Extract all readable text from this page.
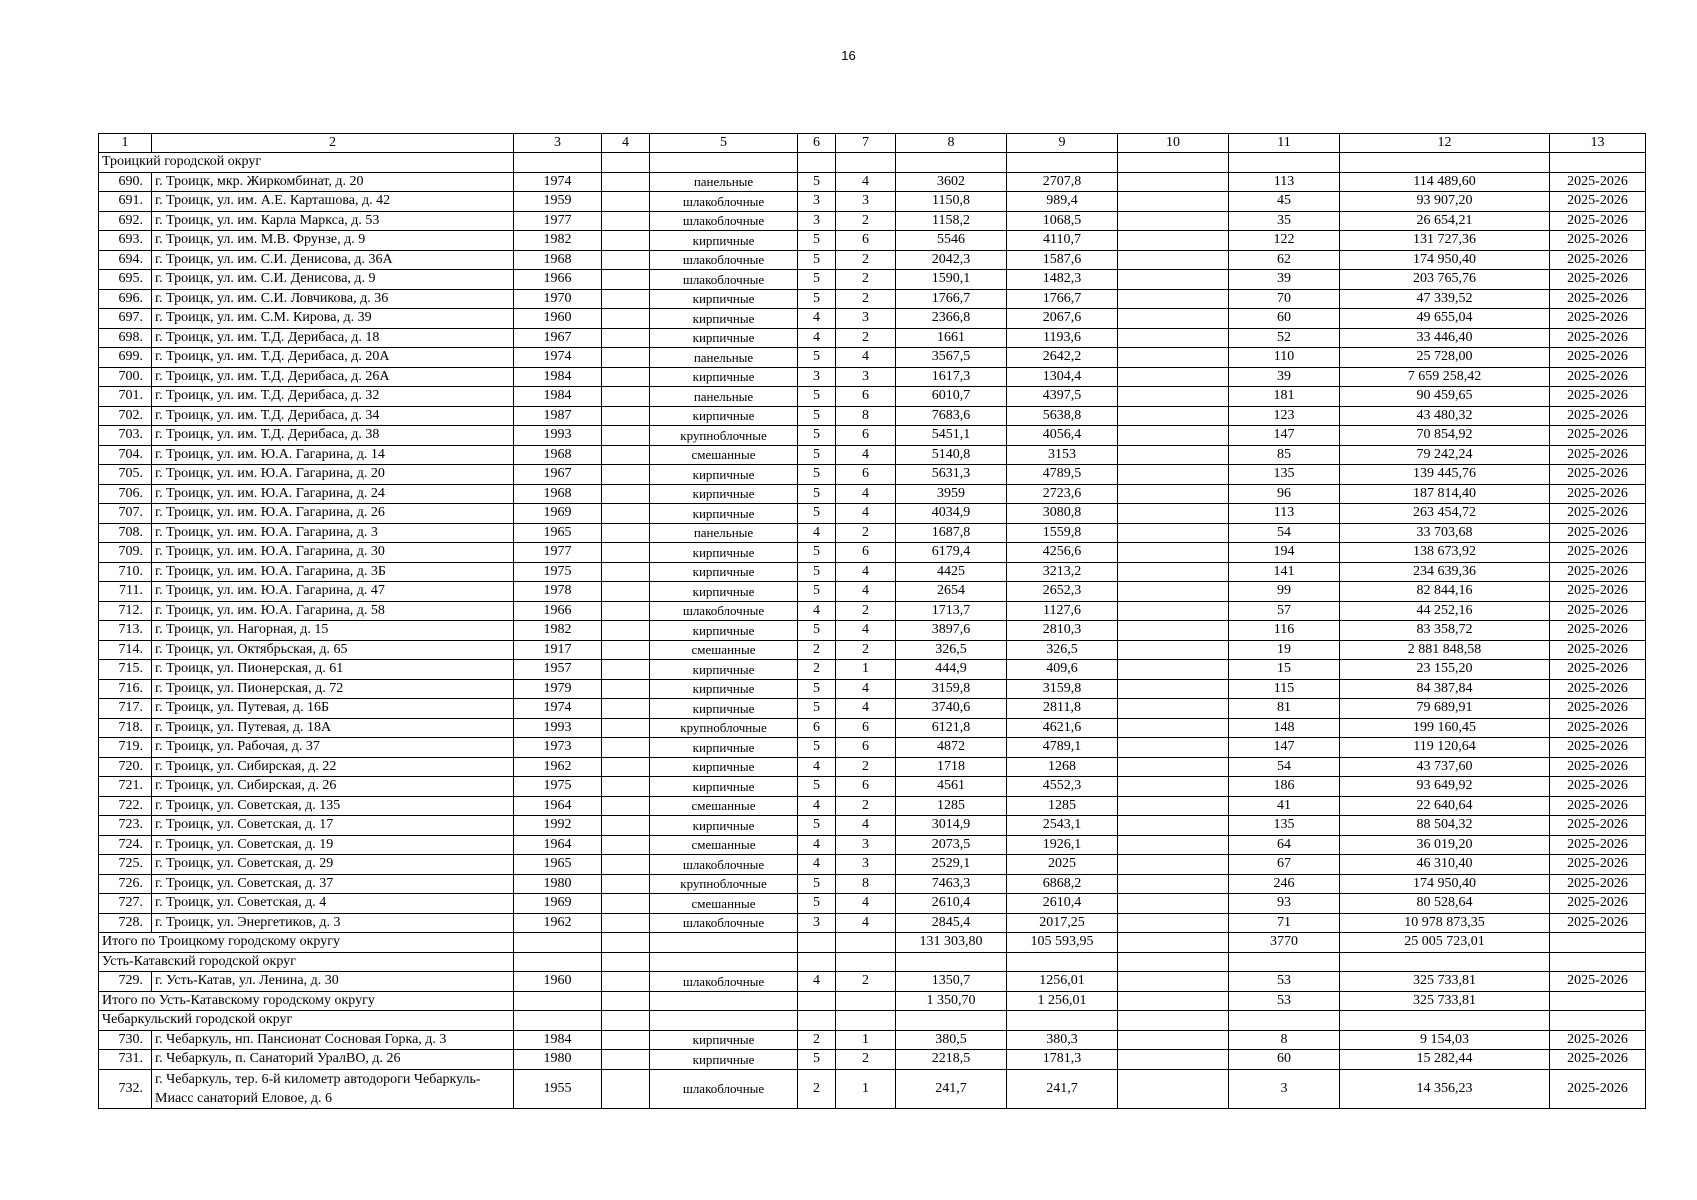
16
1	2	3	4	5	6	7	8	9	10	11	12	13
Троицкий городской округ												
690.	г. Троицк, мкр. Жиркомбинат, д. 20	1974		панельные	5	4	3602	2707,8		113	114 489,60	2025-2026
691.	г. Троицк, ул. им. А.Е. Карташова, д. 42	1959		шлакоблочные	3	3	1150,8	989,4		45	93 907,20	2025-2026
692.	г. Троицк, ул. им. Карла Маркса, д. 53	1977		шлакоблочные	3	2	1158,2	1068,5		35	26 654,21	2025-2026
693.	г. Троицк, ул. им. М.В. Фрунзе, д. 9	1982		кирпичные	5	6	5546	4110,7		122	131 727,36	2025-2026
694.	г. Троицк, ул. им. С.И. Денисова, д. 36А	1968		шлакоблочные	5	2	2042,3	1587,6		62	174 950,40	2025-2026
695.	г. Троицк, ул. им. С.И. Денисова, д. 9	1966		шлакоблочные	5	2	1590,1	1482,3		39	203 765,76	2025-2026
696.	г. Троицк, ул. им. С.И. Ловчикова, д. 36	1970		кирпичные	5	2	1766,7	1766,7		70	47 339,52	2025-2026
697.	г. Троицк, ул. им. С.М. Кирова, д. 39	1960		кирпичные	4	3	2366,8	2067,6		60	49 655,04	2025-2026
698.	г. Троицк, ул. им. Т.Д. Дерибаса, д. 18	1967		кирпичные	4	2	1661	1193,6		52	33 446,40	2025-2026
699.	г. Троицк, ул. им. Т.Д. Дерибаса, д. 20А	1974		панельные	5	4	3567,5	2642,2		110	25 728,00	2025-2026
700.	г. Троицк, ул. им. Т.Д. Дерибаса, д. 26А	1984		кирпичные	3	3	1617,3	1304,4		39	7 659 258,42	2025-2026
701.	г. Троицк, ул. им. Т.Д. Дерибаса, д. 32	1984		панельные	5	6	6010,7	4397,5		181	90 459,65	2025-2026
702.	г. Троицк, ул. им. Т.Д. Дерибаса, д. 34	1987		кирпичные	5	8	7683,6	5638,8		123	43 480,32	2025-2026
703.	г. Троицк, ул. им. Т.Д. Дерибаса, д. 38	1993		крупноблочные	5	6	5451,1	4056,4		147	70 854,92	2025-2026
704.	г. Троицк, ул. им. Ю.А. Гагарина, д. 14	1968		смешанные	5	4	5140,8	3153		85	79 242,24	2025-2026
705.	г. Троицк, ул. им. Ю.А. Гагарина, д. 20	1967		кирпичные	5	6	5631,3	4789,5		135	139 445,76	2025-2026
706.	г. Троицк, ул. им. Ю.А. Гагарина, д. 24	1968		кирпичные	5	4	3959	2723,6		96	187 814,40	2025-2026
707.	г. Троицк, ул. им. Ю.А. Гагарина, д. 26	1969		кирпичные	5	4	4034,9	3080,8		113	263 454,72	2025-2026
708.	г. Троицк, ул. им. Ю.А. Гагарина, д. 3	1965		панельные	4	2	1687,8	1559,8		54	33 703,68	2025-2026
709.	г. Троицк, ул. им. Ю.А. Гагарина, д. 30	1977		кирпичные	5	6	6179,4	4256,6		194	138 673,92	2025-2026
710.	г. Троицк, ул. им. Ю.А. Гагарина, д. 3Б	1975		кирпичные	5	4	4425	3213,2		141	234 639,36	2025-2026
711.	г. Троицк, ул. им. Ю.А. Гагарина, д. 47	1978		кирпичные	5	4	2654	2652,3		99	82 844,16	2025-2026
712.	г. Троицк, ул. им. Ю.А. Гагарина, д. 58	1966		шлакоблочные	4	2	1713,7	1127,6		57	44 252,16	2025-2026
713.	г. Троицк, ул. Нагорная, д. 15	1982		кирпичные	5	4	3897,6	2810,3		116	83 358,72	2025-2026
714.	г. Троицк, ул. Октябрьская, д. 65	1917		смешанные	2	2	326,5	326,5		19	2 881 848,58	2025-2026
715.	г. Троицк, ул. Пионерская, д. 61	1957		кирпичные	2	1	444,9	409,6		15	23 155,20	2025-2026
716.	г. Троицк, ул. Пионерская, д. 72	1979		кирпичные	5	4	3159,8	3159,8		115	84 387,84	2025-2026
717.	г. Троицк, ул. Путевая, д. 16Б	1974		кирпичные	5	4	3740,6	2811,8		81	79 689,91	2025-2026
718.	г. Троицк, ул. Путевая, д. 18А	1993		крупноблочные	6	6	6121,8	4621,6		148	199 160,45	2025-2026
719.	г. Троицк, ул. Рабочая, д. 37	1973		кирпичные	5	6	4872	4789,1		147	119 120,64	2025-2026
720.	г. Троицк, ул. Сибирская, д. 22	1962		кирпичные	4	2	1718	1268		54	43 737,60	2025-2026
721.	г. Троицк, ул. Сибирская, д. 26	1975		кирпичные	5	6	4561	4552,3		186	93 649,92	2025-2026
722.	г. Троицк, ул. Советская, д. 135	1964		смешанные	4	2	1285	1285		41	22 640,64	2025-2026
723.	г. Троицк, ул. Советская, д. 17	1992		кирпичные	5	4	3014,9	2543,1		135	88 504,32	2025-2026
724.	г. Троицк, ул. Советская, д. 19	1964		смешанные	4	3	2073,5	1926,1		64	36 019,20	2025-2026
725.	г. Троицк, ул. Советская, д. 29	1965		шлакоблочные	4	3	2529,1	2025		67	46 310,40	2025-2026
726.	г. Троицк, ул. Советская, д. 37	1980		крупноблочные	5	8	7463,3	6868,2		246	174 950,40	2025-2026
727.	г. Троицк, ул. Советская, д. 4	1969		смешанные	5	4	2610,4	2610,4		93	80 528,64	2025-2026
728.	г. Троицк, ул. Энергетиков, д. 3	1962		шлакоблочные	3	4	2845,4	2017,25		71	10 978 873,35	2025-2026
Итого по Троицкому городскому округу							131 303,80	105 593,95		3770	25 005 723,01	
Усть-Катавский городской округ												
729.	г. Усть-Катав, ул. Ленина, д. 30	1960		шлакоблочные	4	2	1350,7	1256,01		53	325 733,81	2025-2026
Итого по Усть-Катавскому городскому округу							1 350,70	1 256,01		53	325 733,81	
Чебаркульский городской округ												
730.	г. Чебаркуль, нп. Пансионат Сосновая Горка, д. 3	1984		кирпичные	2	1	380,5	380,3		8	9 154,03	2025-2026
731.	г. Чебаркуль, п. Санаторий УралВО, д. 26	1980		кирпичные	5	2	2218,5	1781,3		60	15 282,44	2025-2026
732.	г. Чебаркуль, тер. 6-й километр автодороги Чебаркуль-Миасс санаторий Еловое, д. 6	1955		шлакоблочные	2	1	241,7	241,7		3	14 356,23	2025-2026
